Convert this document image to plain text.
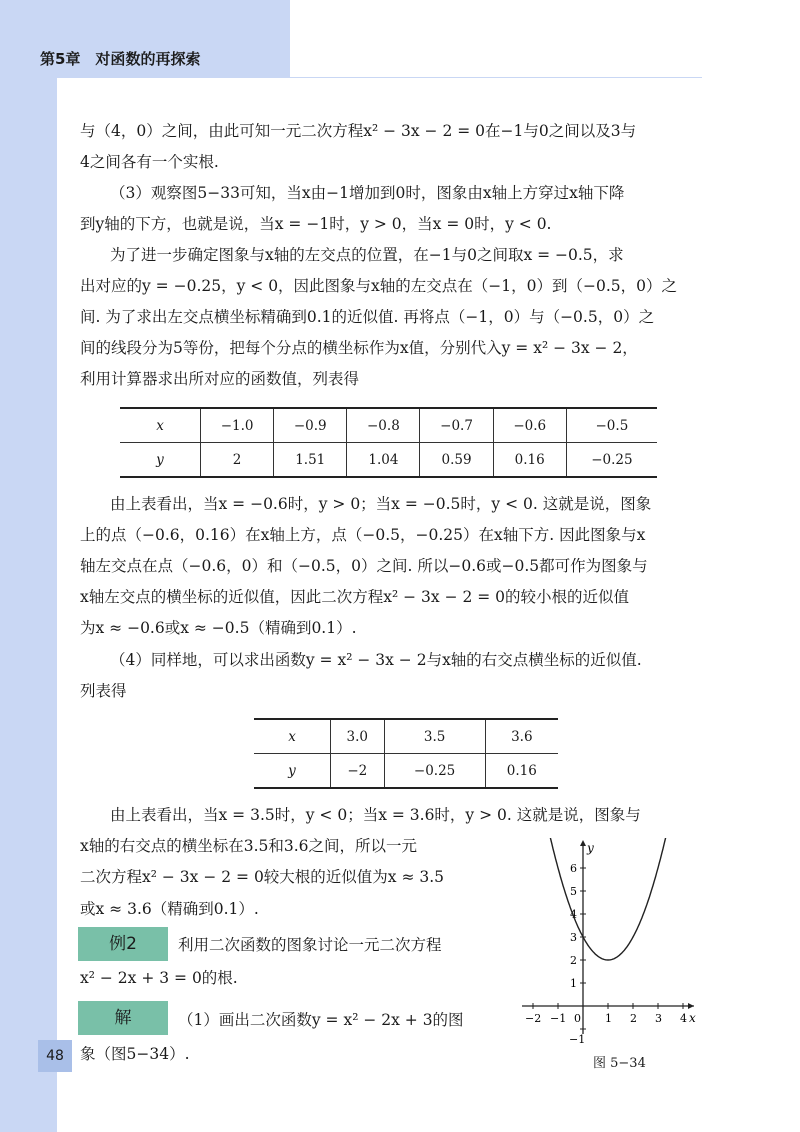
第5章　对函数的再探索
48
与（4，0）之间，由此可知一元二次方程x² − 3x − 2 = 0在−1与0之间以及3与
4之间各有一个实根.
（3）观察图5−33可知，当x由−1增加到0时，图象由x轴上方穿过x轴下降
到y轴的下方，也就是说，当x = −1时，y > 0，当x = 0时，y < 0.
为了进一步确定图象与x轴的左交点的位置，在−1与0之间取x = −0.5，求
出对应的y = −0.25，y < 0，因此图象与x轴的左交点在（−1，0）到（−0.5，0）之
间. 为了求出左交点横坐标精确到0.1的近似值. 再将点（−1，0）与（−0.5，0）之
间的线段分为5等份，把每个分点的横坐标作为x值，分别代入y = x² − 3x − 2，
利用计算器求出所对应的函数值，列表得
x	−1.0	−0.9	−0.8	−0.7	−0.6	−0.5
y	2	1.51	1.04	0.59	0.16	−0.25
由上表看出，当x = −0.6时，y > 0；当x = −0.5时，y < 0. 这就是说，图象
上的点（−0.6，0.16）在x轴上方，点（−0.5，−0.25）在x轴下方. 因此图象与x
轴左交点在点（−0.6，0）和（−0.5，0）之间. 所以−0.6或−0.5都可作为图象与
x轴左交点的横坐标的近似值，因此二次方程x² − 3x − 2 = 0的较小根的近似值
为x ≈ −0.6或x ≈ −0.5（精确到0.1）.
（4）同样地，可以求出函数y = x² − 3x − 2与x轴的右交点横坐标的近似值.
列表得
x	3.0	3.5	3.6
y	−2	−0.25	0.16
由上表看出，当x = 3.5时，y < 0；当x = 3.6时，y > 0. 这就是说，图象与
x轴的右交点的横坐标在3.5和3.6之间，所以一元
二次方程x² − 3x − 2 = 0较大根的近似值为x ≈ 3.5
或x ≈ 3.6（精确到0.1）.
例2	利用二次函数的图象讨论一元二次方程
x² − 2x + 3 = 0的根.
解	（1）画出二次函数y = x² − 2x + 3的图
象（图5−34）.
−2 −1 0 1 2 3 4
1
2
3
4
5
6
−1
x
y
图 5−34
